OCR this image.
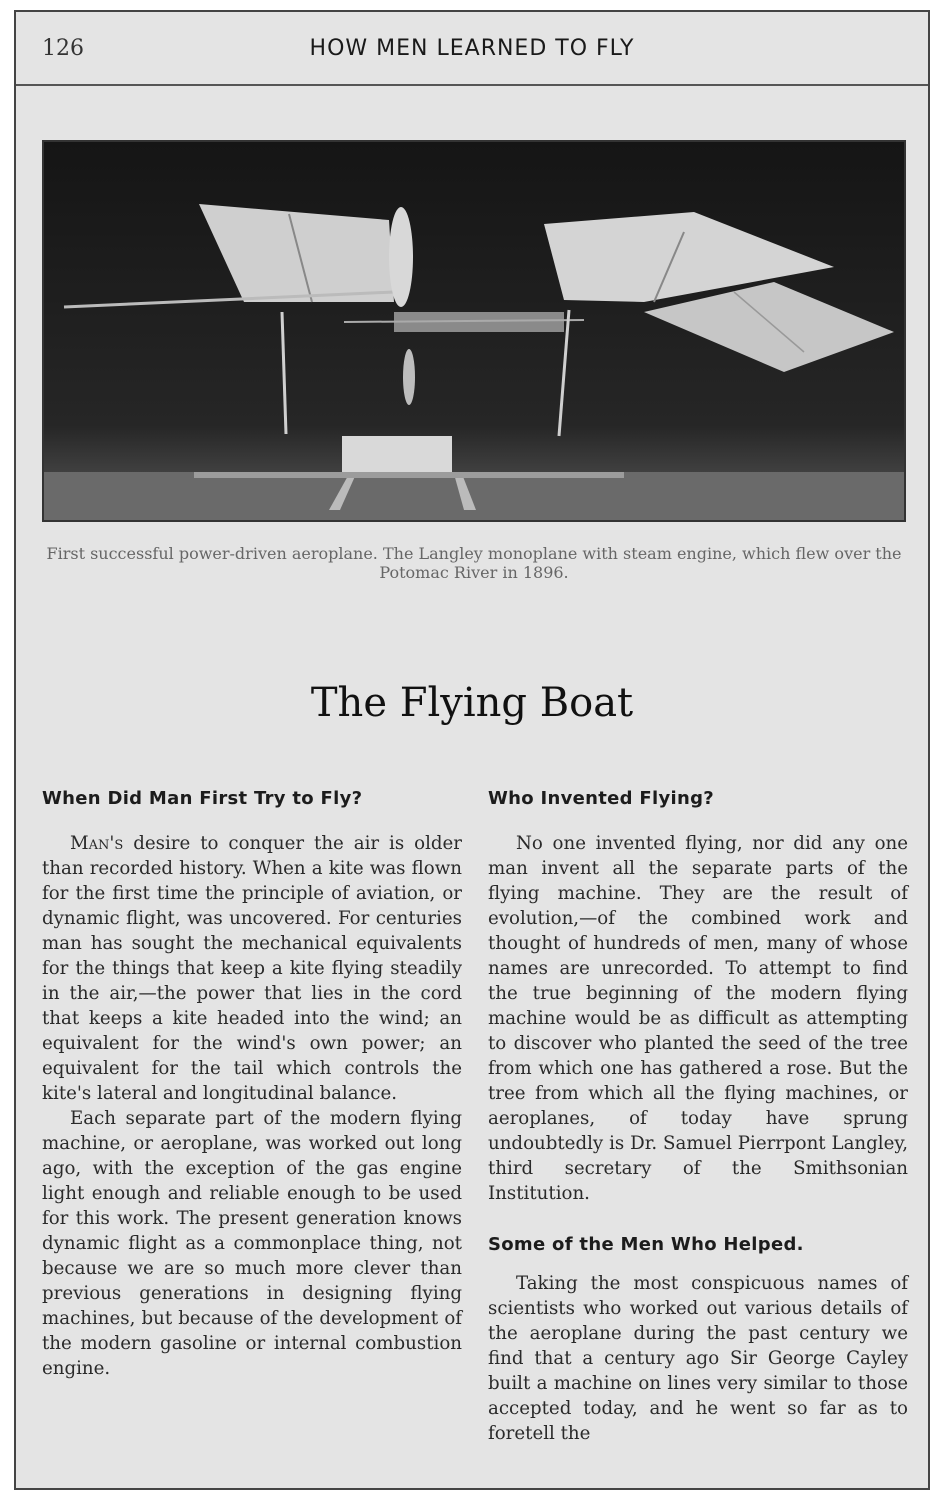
126	HOW MEN LEARNED TO FLY
First successful power-driven aeroplane. The Langley monoplane with steam engine, which flew over the Potomac River in 1896.
The Flying Boat
When Did Man First Try to Fly?

Man's desire to conquer the air is older than recorded history. When a kite was flown for the first time the principle of aviation, or dynamic flight, was uncovered. For centuries man has sought the mechanical equivalents for the things that keep a kite flying steadily in the air,—the power that lies in the cord that keeps a kite headed into the wind; an equivalent for the wind's own power; an equivalent for the tail which controls the kite's lateral and longitudinal balance.

Each separate part of the modern flying machine, or aeroplane, was worked out long ago, with the exception of the gas engine light enough and reliable enough to be used for this work. The present generation knows dynamic flight as a commonplace thing, not because we are so much more clever than previous generations in designing flying machines, but because of the development of the modern gasoline or internal combustion engine.

Who Invented Flying?

No one invented flying, nor did any one man invent all the separate parts of the flying machine. They are the result of evolution,—of the combined work and thought of hundreds of men, many of whose names are unrecorded. To attempt to find the true beginning of the modern flying machine would be as difficult as attempting to discover who planted the seed of the tree from which one has gathered a rose. But the tree from which all the flying machines, or aeroplanes, of today have sprung undoubtedly is Dr. Samuel Pierrpont Langley, third secretary of the Smithsonian Institution.

Some of the Men Who Helped.

Taking the most conspicuous names of scientists who worked out various details of the aeroplane during the past century we find that a century ago Sir George Cayley built a machine on lines very similar to those accepted today, and he went so far as to foretell the
